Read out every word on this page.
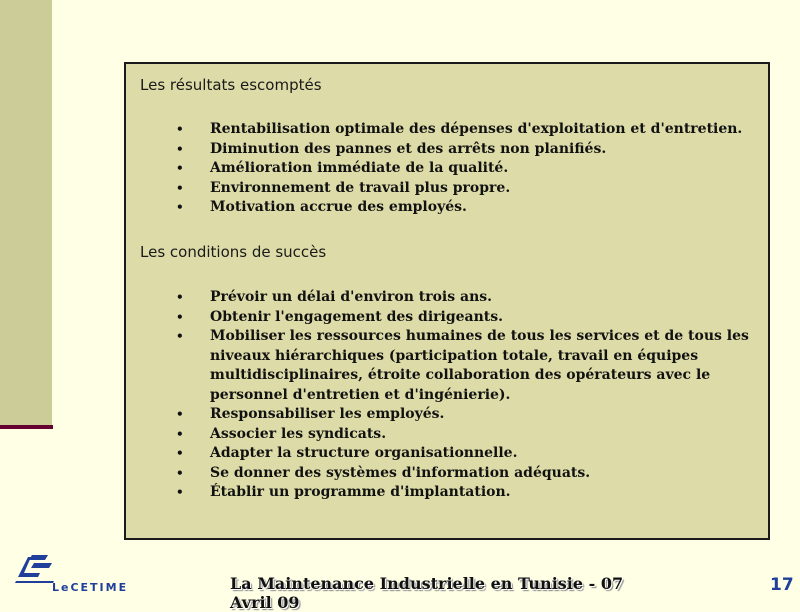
Les résultats escomptés
• Rentabilisation optimale des dépenses d'exploitation et d'entretien.
• Diminution des pannes et des arrêts non planifiés.
• Amélioration immédiate de la qualité.
• Environnement de travail plus propre.
• Motivation accrue des employés.
Les conditions de succès
• Prévoir un délai d'environ trois ans.
• Obtenir l'engagement des dirigeants.
• Mobiliser les ressources humaines de tous les services et de tous les niveaux hiérarchiques (participation totale, travail en équipes multidisciplinaires, étroite collaboration des opérateurs avec le personnel d'entretien et d'ingénierie).
• Responsabiliser les employés.
• Associer les syndicats.
• Adapter la structure organisationnelle.
• Se donner des systèmes d'information adéquats.
• Établir un programme d'implantation.
LeCETIME	La Maintenance Industrielle en Tunisie - 07 Avril 09
17
